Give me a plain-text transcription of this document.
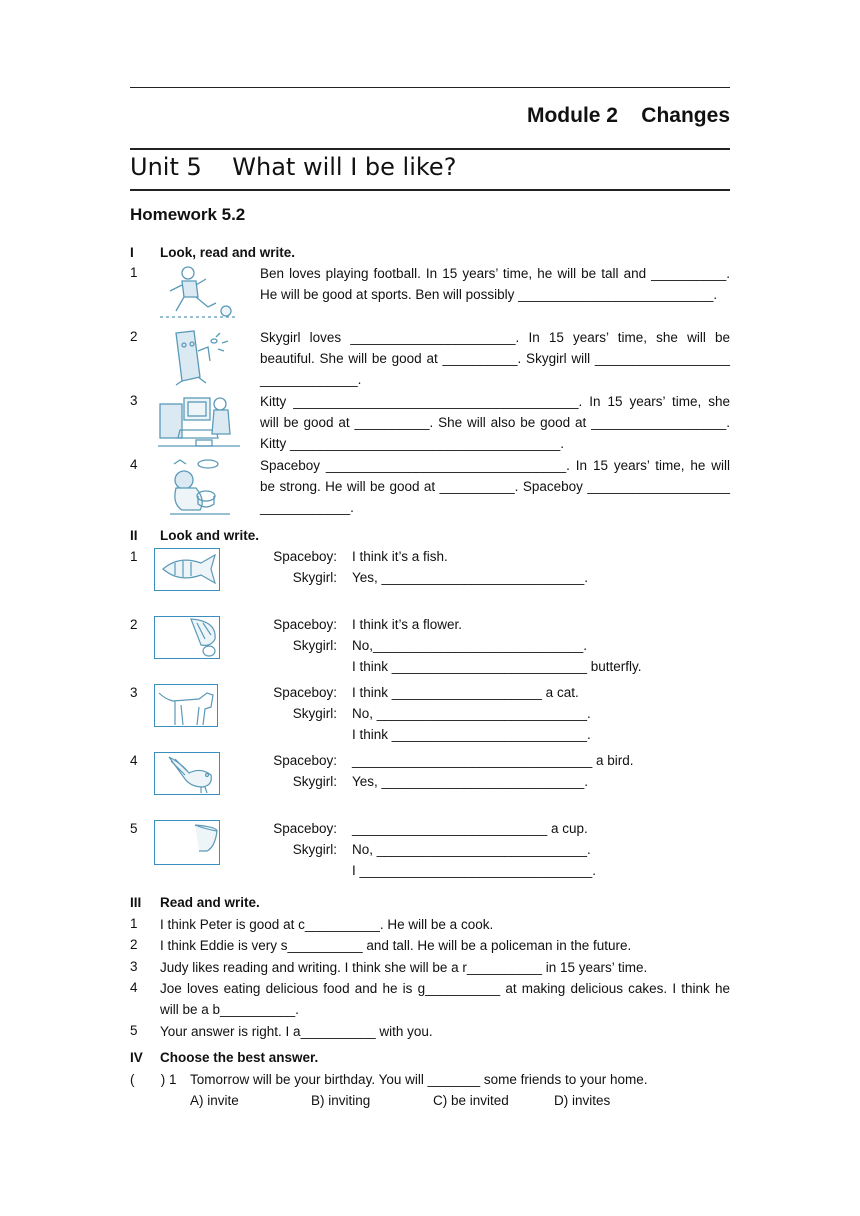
Module 2    Changes
Unit 5    What will I be like?
Homework 5.2
I Look, read and write.
1	Ben loves playing football. In 15 years’ time, he will be tall and __________.
He will be good at sports. Ben will possibly __________________________.
2	Skygirl loves ______________________. In 15 years’ time, she will be
beautiful. She will be good at __________. Skygirl will __________________
_____________.
3	Kitty ______________________________________. In 15 years’ time, she
will be good at __________. She will also be good at __________________.
Kitty ____________________________________.
4	Spaceboy ________________________________. In 15 years’ time, he will
be strong. He will be good at __________. Spaceboy ___________________
____________.
II Look and write.
1	Spaceboy: I think it’s a fish.
Skygirl: Yes, ___________________________.
2	Spaceboy: I think it’s a flower.
Skygirl: No,____________________________.
I think __________________________ butterfly.
3	Spaceboy: I think ____________________ a cat.
Skygirl: No, ____________________________.
I think __________________________.
4	Spaceboy: ________________________________ a bird.
Skygirl: Yes, ___________________________.
5	Spaceboy: __________________________ a cup.
Skygirl: No, ____________________________.
I _______________________________.
III Read and write.
1 I think Peter is good at c__________. He will be a cook.
2 I think Eddie is very s__________ and tall. He will be a policeman in the future.
3 Judy likes reading and writing. I think she will be a r__________ in 15 years’ time.
4 Joe loves eating delicious food and he is g__________ at making delicious cakes. I think he
will be a b__________.
5 Your answer is right. I a__________ with you.
IV Choose the best answer.
(       ) 1 Tomorrow will be your birthday. You will _______ some friends to your home.
A) invite	B) inviting	C) be invited	D) invites
